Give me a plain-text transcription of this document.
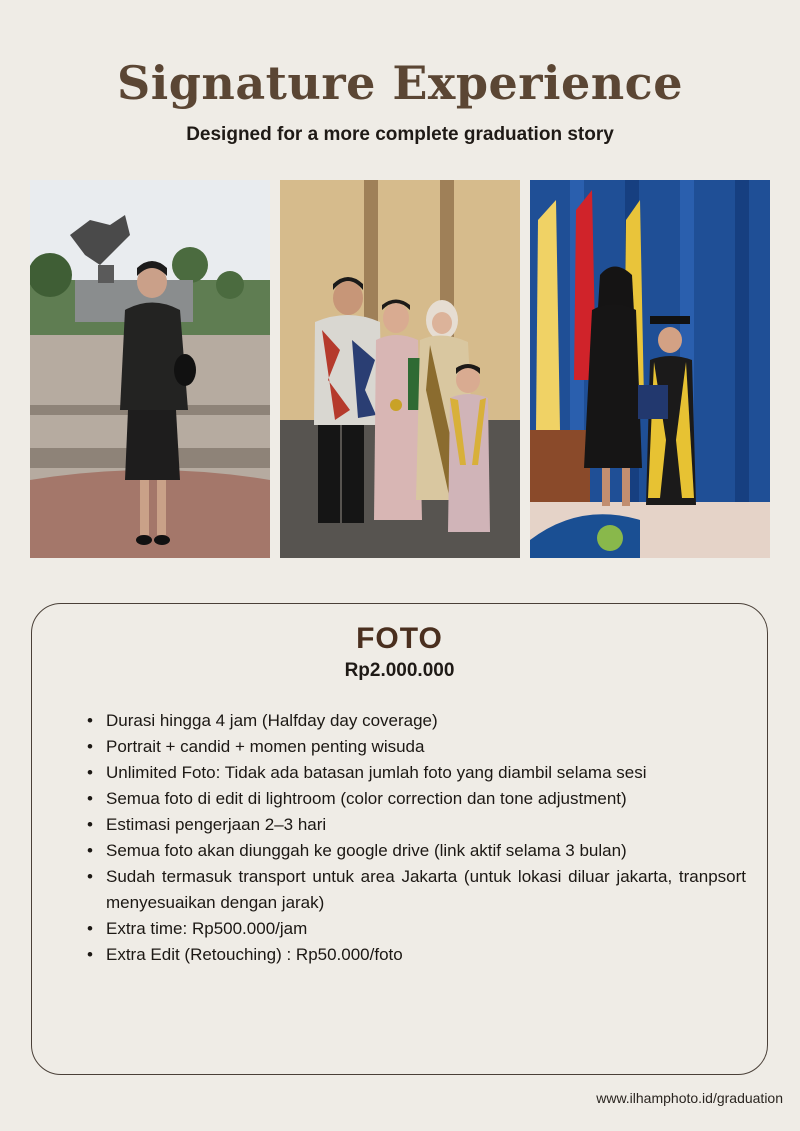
Signature Experience
Designed for a more complete graduation story
FOTO
Rp2.000.000
• Durasi hingga 4 jam (Halfday day coverage)
• Portrait + candid + momen penting wisuda
• Unlimited Foto: Tidak ada batasan jumlah foto yang diambil selama sesi
• Semua foto di edit di lightroom (color correction dan tone adjustment)
• Estimasi pengerjaan 2–3 hari
• Semua foto akan diunggah ke google drive (link aktif selama 3 bulan)
• Sudah termasuk transport untuk area Jakarta (untuk lokasi diluar jakarta, tranpsort menyesuaikan dengan jarak)
• Extra time: Rp500.000/jam
• Extra Edit (Retouching) : Rp50.000/foto
www.ilhamphoto.id/graduation
